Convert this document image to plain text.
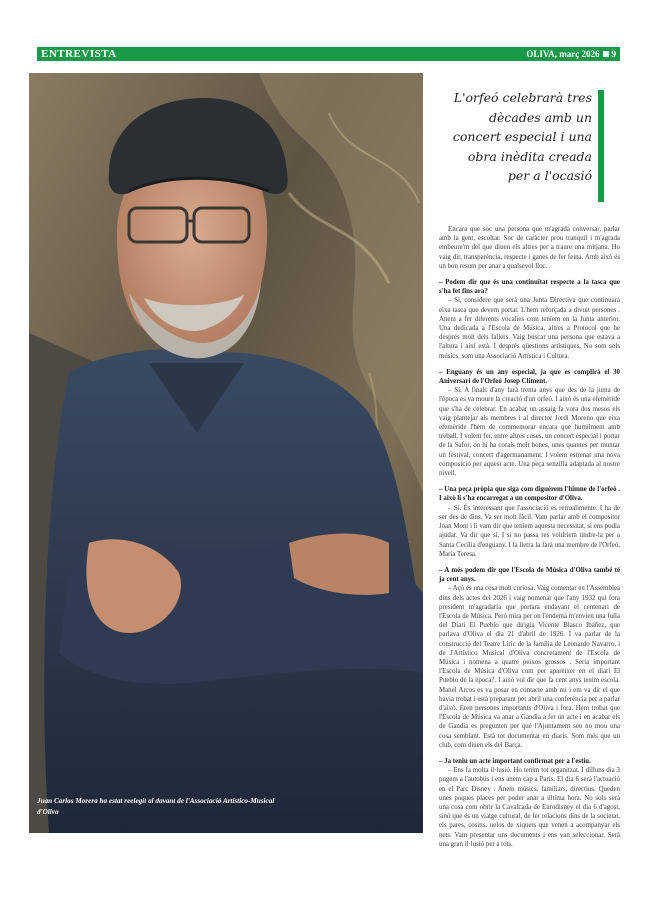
ENTREVISTA	OLIVA, març 2026 9
Juan Carlos Morera ha estat reelegit al davant de l'Associació Artístico-Musical d'Oliva
L'orfeó celebrarà tres dècades amb un concert especial i una obra inèdita creada per a l'ocasió

Encara que soc una persona que m'agrada conversar, parlar amb la gent, escoltar. Soc de caràcter prou tranquil i m'agrada embeure'm del que diuen els altres per a traure una mitjana. Ho vaig dir, transparència, respecte i ganes de fer feina. Amb això és un bon resum per anar a qualsevol lloc.

– Podem dir que és una continuïtat respecte a la tasca que s'ha fet fins ara?

– Sí, considere que serà una Junta Directiva que continuarà eixa tasca que devem portar. L'hem reforçada a divuit persones . Anem a fer diferents vocalies com teníem en la Junta anterior. Una dedicada a l'Escola de Música, altres a Protocol que he després molt dels fallers. Vaig buscar una persona que estava a l'altura i així està. I després qüestions artístiques. No som sols músics, som una Associació Artística i Cultura.

– Enguany és un any especial, ja que es complirà el 30 Aniversari de l'Orfeó Josep Climent.

– Sí. A finals d'any farà trenta anys que des de la junta de l'època es va moure la creació d'un orfeó. I això és una efemèride que s'ha de celebrar. En acabar un assaig fa vora dos mesos els vaig plantejar als membres i al director Jordi Moreno que eixa efemèride l'hem de commemorar encara que humilment amb treball. I volem fer, entre altres coses, un concert especial i portar de la Safor, on hi ha corals molt bones, unes quantes per muntar un festival, concert d'agermanament. I volem estrenar una nova composició per aquest acte. Una peça senzilla adaptada al nostre nivell.

– Una peça pròpia que siga com diguérem l'himne de l'orfeó . I això li s'ha encarregat a un compositor d'Oliva.

– Sí. És interessant que l'associació es retroalimente. I ha de ser des de dins. Va ser molt fàcil. Vam parlar amb el compositor Joan Mont i li vam dir que teníem aquesta necessitat, si ens podia ajudar. Va dir que sí. I si no passa res voldríem tindre-la per a Santa Cecília d'enguany. I la lletra la farà una membre de l'Orfeó, Maria Teresa.

– A més podem dir que l'Escola de Música d'Oliva també té ja cent anys.

– Açò és una cosa molt curiosa. Vaig comentar en l'Assemblea dins dels actes del 2026 i vaig nomenar que l'any 1932 qui fora president m'agradaria que portara endavant el centenari de l'Escola de Música. Però mira per on l'endemà m'envien una fulla del Diari El Pueblo que dirigia Vicente Blasco Ibáñez, que parlava d'Oliva el dia 21 d'abril de 1926. I va parlar de la construcció del Teatre Líric de la família de Leonardo Navarro, i de l'Artístico Musical d'Oliva concretament de l'Escola de Música i nomena a quatre peixos grossos . Seria important l'Escola de Música d'Oliva com per aparèixer en el diari El Pueblo de la època?. I això vol dir que fa cent anys tenim escola. Manel Arcos es va posar en contacte amb mi i em va dir el que havia trobat i està preparant per abril una conferència per a parlar d'això. Eren persones importants d'Oliva i fora. Hem trobat que l'Escola de Música va anar a Gandia a fer un acte i en acabar els de Gandia es pregunten per què l'Ajuntament seu no mou una cosa semblant. Està tot documentat en diaris. Som més que un club, com diuen els del Barça.

– Ja teniu un acte important confirmat per a l'estiu.

– Ens fa molta il·lusió. Ho tenim tot organitzat. I dilluns dia 3 pugem a l'autobús i ens anem cap a Paris. El dia 6 serà l'actuació en el Parc Disney . Anem músics, familiars, directius. Queden unes poques places per poder anar a última hora. No sols serà una cosa com obrir la Cavalcada de Eurodisney el dia 6 d'agost, sinó que és un viatge cultural, de fer relacions dins de la societat, els pares, cosins, uelos de xiquets que venen a acompanyar els nets. Vam presentar uns documents i ens van seleccionar. Serà una gran il·lusió per a tots.
